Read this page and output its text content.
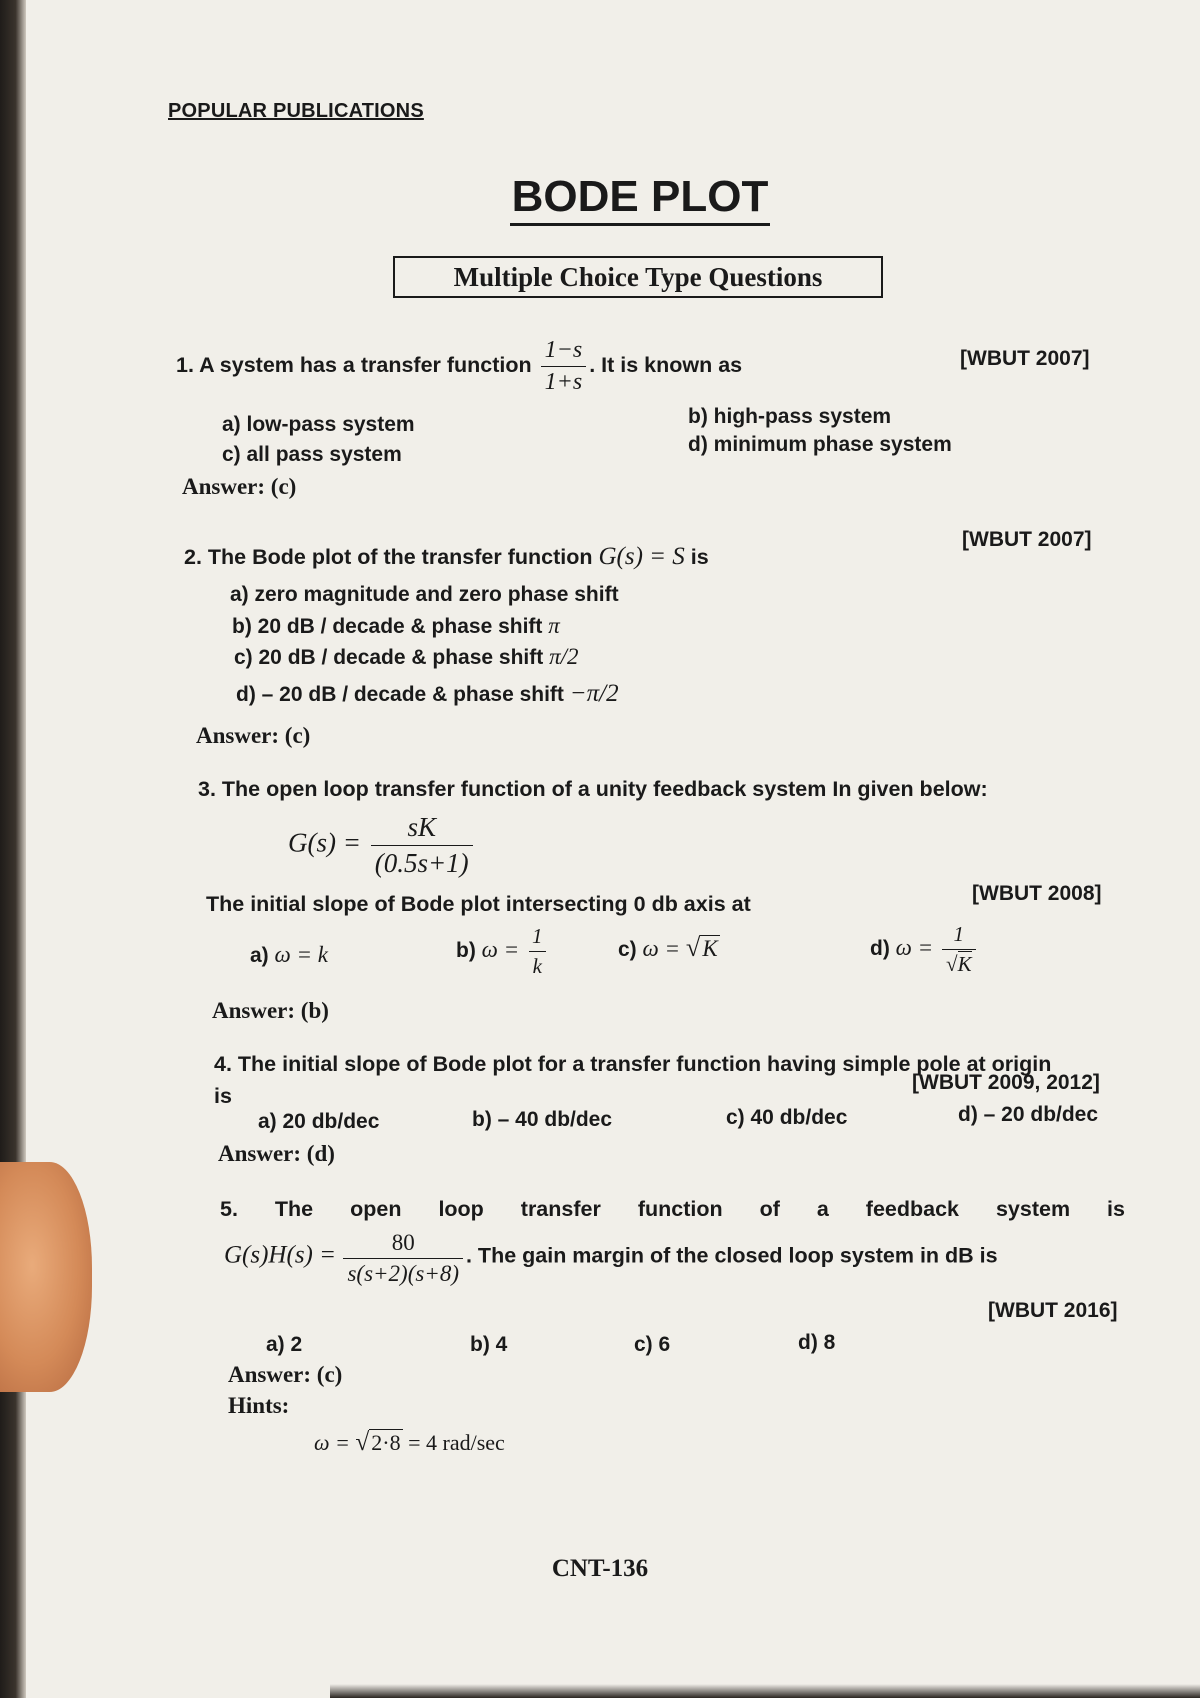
POPULAR PUBLICATIONS
BODE PLOT
Multiple Choice Type Questions
1. A system has a transfer function $\frac{1-s}{1+s}$ . It is known as	[WBUT 2007]
a) low-pass system	b) high-pass system
c) all pass system	d) minimum phase system
Answer: (c)
2. The Bode plot of the transfer function G(s) = S is
[WBUT 2007]
a) zero magnitude and zero phase shift
b) 20 dB / decade & phase shift π
c) 20 dB / decade & phase shift π/2
d) – 20 dB / decade & phase shift −π/2
Answer: (c)
3. The open loop transfer function of a unity feedback system In given below:
$G(s) = \frac{sK}{(0.5s+1)}$
The initial slope of Bode plot intersecting 0 db axis at	[WBUT 2008]
a) ω = k	b) $\omega = \frac{1}{k}$	c) ω = √K	d) $\omega = \frac{1}{√K}$
Answer: (b)
4. The initial slope of Bode plot for a transfer function having simple pole at origin
is
[WBUT 2009, 2012]
a) 20 db/dec	b) – 40 db/dec	c) 40 db/dec	d) – 20 db/dec
Answer: (d)
5. The open loop transfer function of a feedback system is
$G(s)H(s) = \frac{80}{s(s+2)(s+8)}$ . The gain margin of the closed loop system in dB is
[WBUT 2016]
a) 2	b) 4	c) 6	d) 8
Answer: (c)
Hints:
ω = √2·8 = 4 rad/sec
CNT-136
